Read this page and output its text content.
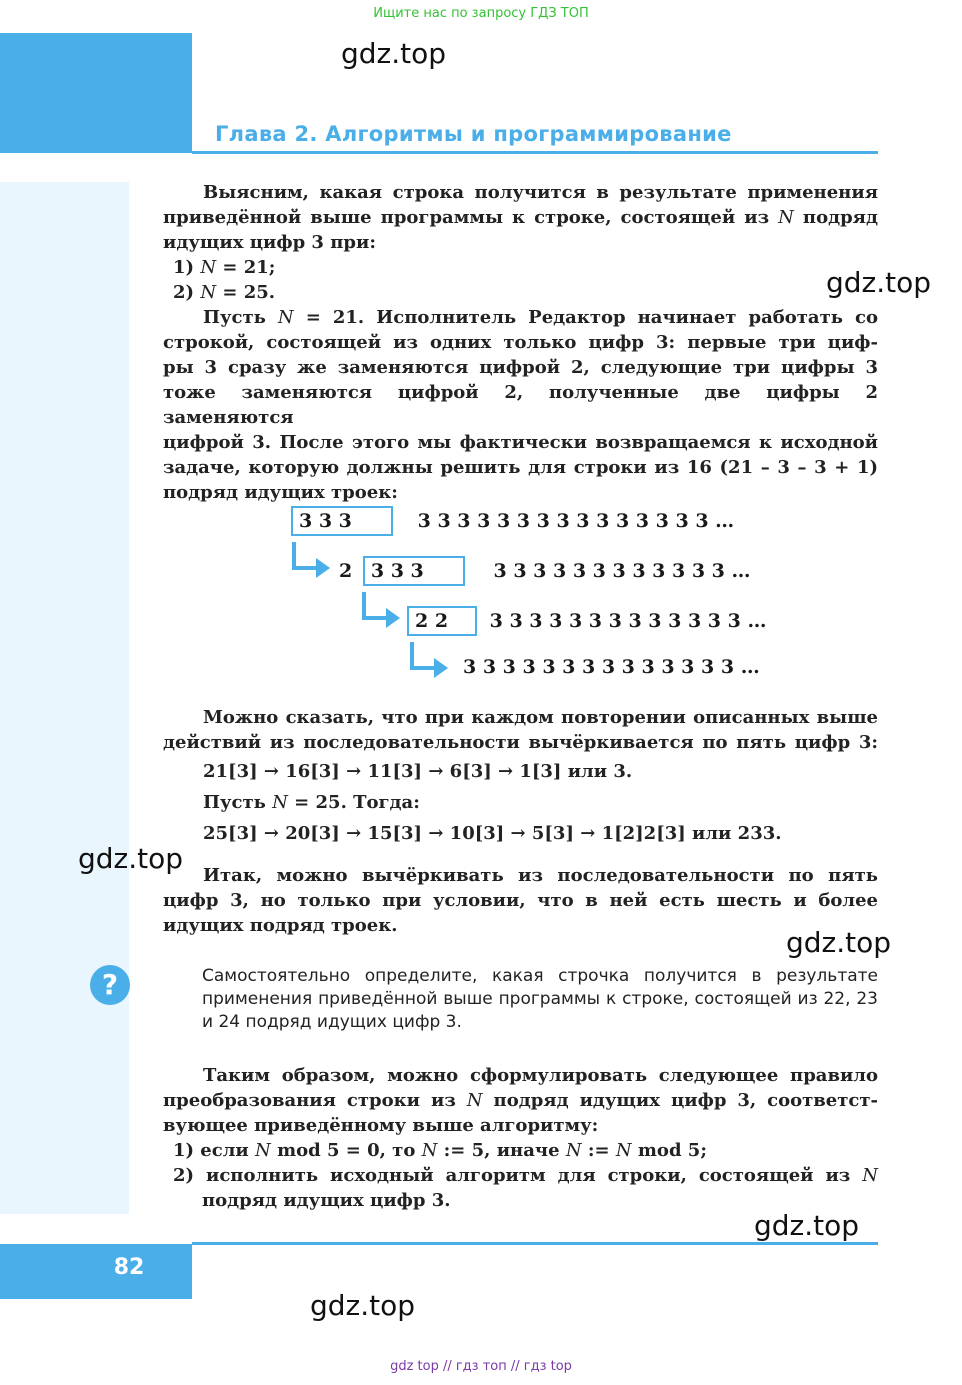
Ищите нас по запросу ГДЗ ТОП
Глава 2. Алгоритмы и программирование
gdz.top
gdz.top
gdz.top
gdz.top
gdz.top
gdz.top
Выясним, какая строка получится в результате применения
приведённой выше программы к строке, состоящей из N подряд
идущих цифр 3 при:
1) N = 21;
2) N = 25.
Пусть N = 21. Исполнитель Редактор начинает работать со
строкой, состоящей из одних только цифр 3: первые три циф-
ры 3 сразу же заменяются цифрой 2, следующие три цифры 3
тоже заменяются цифрой 2, полученные две цифры 2 заменяются
цифрой 3. После этого мы фактически возвращаемся к исходной
задаче, которую должны решить для строки из 16 (21 – 3 – 3 + 1)
подряд идущих троек:
3 3 3	3 3 3 3 3 3 3 3 3 3 3 3 3 3 3 …
2 3 3 3	3 3 3 3 3 3 3 3 3 3 3 3 …
2 2 3 3 3 3 3 3 3 3 3 3 3 3 3 …
3 3 3 3 3 3 3 3 3 3 3 3 3 3 …
Можно сказать, что при каждом повторении описанных выше
действий из последовательности вычёркивается по пять цифр 3:
21[3] → 16[3] → 11[3] → 6[3] → 1[3] или 3.
Пусть N = 25. Тогда:
25[3] → 20[3] → 15[3] → 10[3] → 5[3] → 1[2]2[3] или 233.
Итак, можно вычёркивать из последовательности по пять
цифр 3, но только при условии, что в ней есть шесть и более
идущих подряд троек.
?	Самостоятельно определите, какая строчка получится в результате применения приведённой выше программы к строке, состоящей из 22, 23 и 24 подряд идущих цифр 3.
Таким образом, можно сформулировать следующее правило
преобразования строки из N подряд идущих цифр 3, соответст-
вующее приведённому выше алгоритму:
1) если N mod 5 = 0, то N := 5, иначе N := N mod 5;
2) исполнить исходный алгоритм для строки, состоящей из N
подряд идущих цифр 3.
82
gdz top // гдз топ // гдз top
